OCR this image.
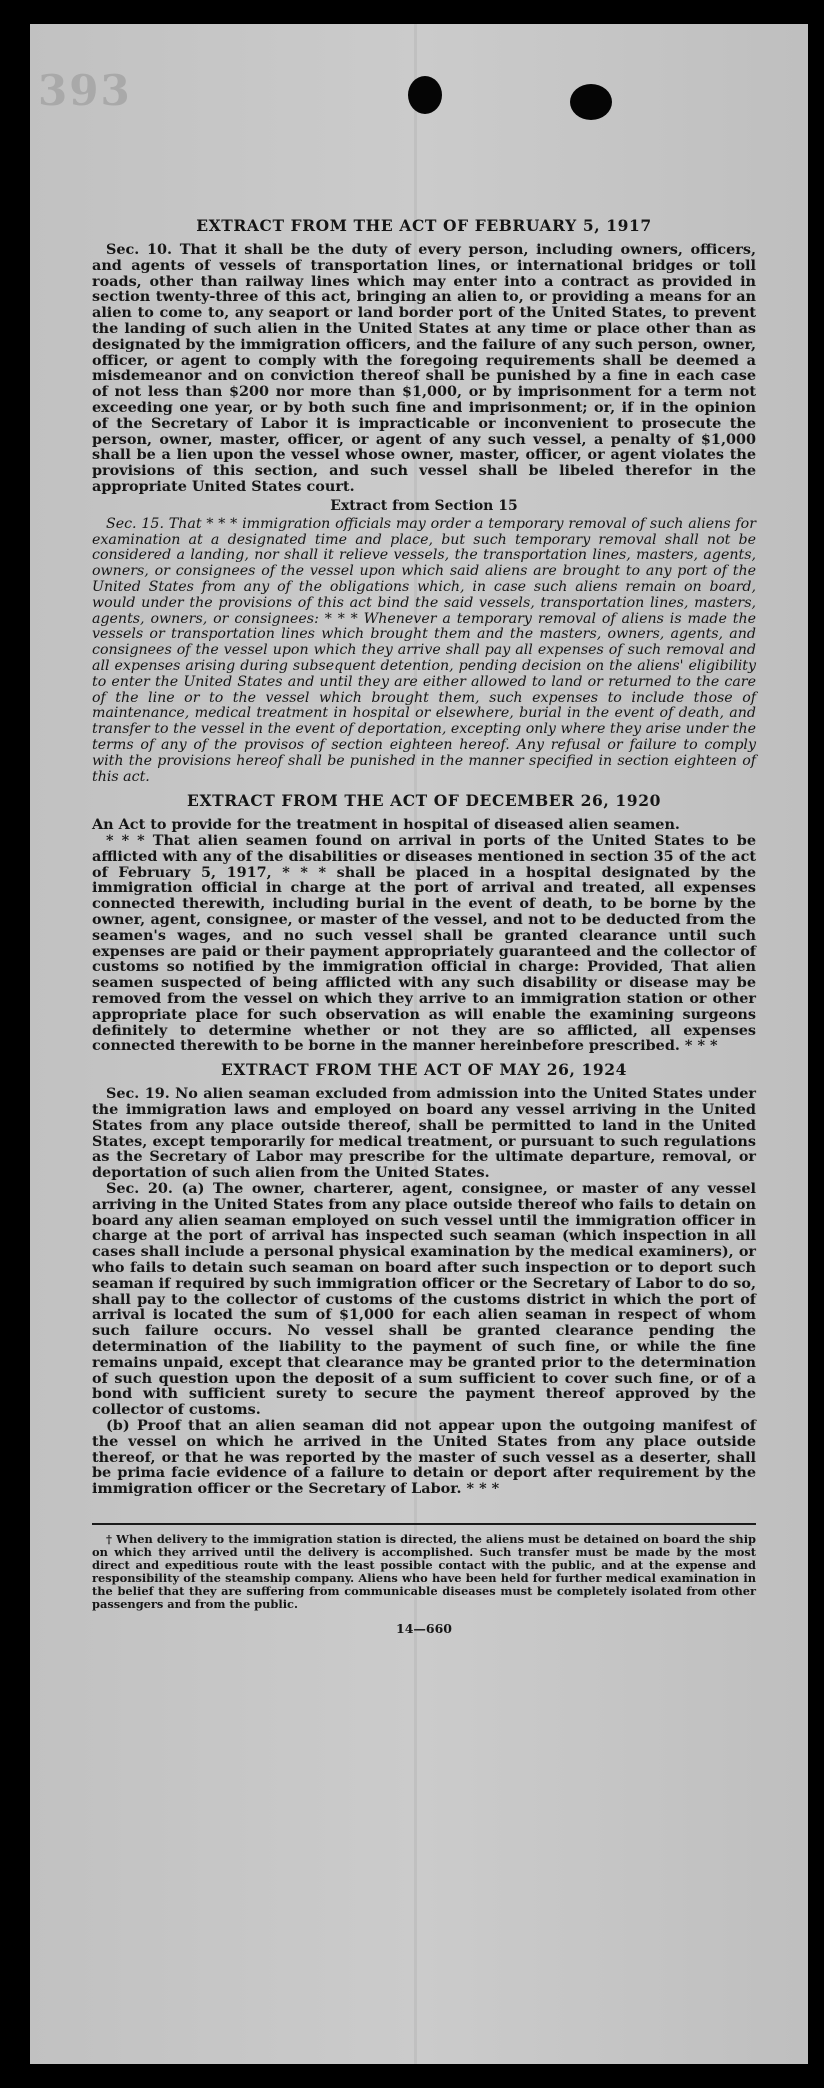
393
EXTRACT FROM THE ACT OF FEBRUARY 5, 1917

Sec. 10. That it shall be the duty of every person, including owners, officers, and agents of vessels of transportation lines, or international bridges or toll roads, other than railway lines which may enter into a contract as provided in section twenty-three of this act, bringing an alien to, or providing a means for an alien to come to, any seaport or land border port of the United States, to prevent the landing of such alien in the United States at any time or place other than as designated by the immigration officers, and the failure of any such person, owner, officer, or agent to comply with the foregoing requirements shall be deemed a misdemeanor and on conviction thereof shall be punished by a fine in each case of not less than $200 nor more than $1,000, or by imprisonment for a term not exceeding one year, or by both such fine and imprisonment; or, if in the opinion of the Secretary of Labor it is impracticable or inconvenient to prosecute the person, owner, master, officer, or agent of any such vessel, a penalty of $1,000 shall be a lien upon the vessel whose owner, master, officer, or agent violates the provisions of this section, and such vessel shall be libeled therefor in the appropriate United States court.

Extract from Section 15

Sec. 15. That * * * immigration officials may order a temporary removal of such aliens for examination at a designated time and place, but such temporary removal shall not be considered a landing, nor shall it relieve vessels, the transportation lines, masters, agents, owners, or consignees of the vessel upon which said aliens are brought to any port of the United States from any of the obligations which, in case such aliens remain on board, would under the provisions of this act bind the said vessels, transportation lines, masters, agents, owners, or consignees: * * * Whenever a temporary removal of aliens is made the vessels or transportation lines which brought them and the masters, owners, agents, and consignees of the vessel upon which they arrive shall pay all expenses of such removal and all expenses arising during subsequent detention, pending decision on the aliens' eligibility to enter the United States and until they are either allowed to land or returned to the care of the line or to the vessel which brought them, such expenses to include those of maintenance, medical treatment in hospital or elsewhere, burial in the event of death, and transfer to the vessel in the event of deportation, excepting only where they arise under the terms of any of the provisos of section eighteen hereof. Any refusal or failure to comply with the provisions hereof shall be punished in the manner specified in section eighteen of this act.

EXTRACT FROM THE ACT OF DECEMBER 26, 1920

An Act to provide for the treatment in hospital of diseased alien seamen.

* * * That alien seamen found on arrival in ports of the United States to be afflicted with any of the disabilities or diseases mentioned in section 35 of the act of February 5, 1917, * * * shall be placed in a hospital designated by the immigration official in charge at the port of arrival and treated, all expenses connected therewith, including burial in the event of death, to be borne by the owner, agent, consignee, or master of the vessel, and not to be deducted from the seamen's wages, and no such vessel shall be granted clearance until such expenses are paid or their payment appropriately guaranteed and the collector of customs so notified by the immigration official in charge: Provided, That alien seamen suspected of being afflicted with any such disability or disease may be removed from the vessel on which they arrive to an immigration station or other appropriate place for such observation as will enable the examining surgeons definitely to determine whether or not they are so afflicted, all expenses connected therewith to be borne in the manner hereinbefore prescribed. * * *

EXTRACT FROM THE ACT OF MAY 26, 1924

Sec. 19. No alien seaman excluded from admission into the United States under the immigration laws and employed on board any vessel arriving in the United States from any place outside thereof, shall be permitted to land in the United States, except temporarily for medical treatment, or pursuant to such regulations as the Secretary of Labor may prescribe for the ultimate departure, removal, or deportation of such alien from the United States.

Sec. 20. (a) The owner, charterer, agent, consignee, or master of any vessel arriving in the United States from any place outside thereof who fails to detain on board any alien seaman employed on such vessel until the immigration officer in charge at the port of arrival has inspected such seaman (which inspection in all cases shall include a personal physical examination by the medical examiners), or who fails to detain such seaman on board after such inspection or to deport such seaman if required by such immigration officer or the Secretary of Labor to do so, shall pay to the collector of customs of the customs district in which the port of arrival is located the sum of $1,000 for each alien seaman in respect of whom such failure occurs. No vessel shall be granted clearance pending the determination of the liability to the payment of such fine, or while the fine remains unpaid, except that clearance may be granted prior to the determination of such question upon the deposit of a sum sufficient to cover such fine, or of a bond with sufficient surety to secure the payment thereof approved by the collector of customs.

(b) Proof that an alien seaman did not appear upon the outgoing manifest of the vessel on which he arrived in the United States from any place outside thereof, or that he was reported by the master of such vessel as a deserter, shall be prima facie evidence of a failure to detain or deport after requirement by the immigration officer or the Secretary of Labor. * * *

† When delivery to the immigration station is directed, the aliens must be detained on board the ship on which they arrived until the delivery is accomplished. Such transfer must be made by the most direct and expeditious route with the least possible contact with the public, and at the expense and responsibility of the steamship company. Aliens who have been held for further medical examination in the belief that they are suffering from communicable diseases must be completely isolated from other passengers and from the public.

14—660
